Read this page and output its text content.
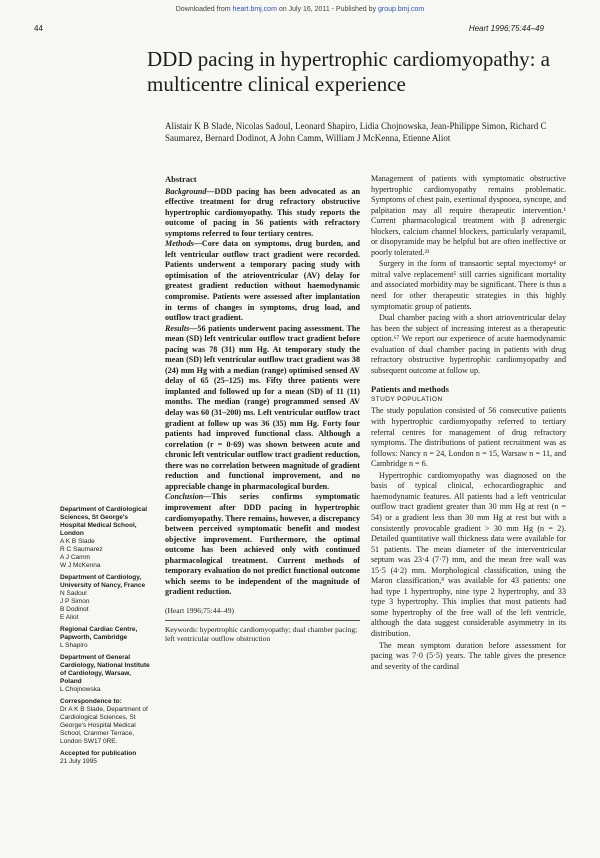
Downloaded from heart.bmj.com on July 16, 2011 - Published by group.bmj.com
44	Heart 1996;75:44–49
DDD pacing in hypertrophic cardiomyopathy: a multicentre clinical experience
Alistair K B Slade, Nicolas Sadoul, Leonard Shapiro, Lidia Chojnowska, Jean-Philippe Simon, Richard C Saumarez, Bernard Dodinot, A John Camm, William J McKenna, Etienne Aliot
Department of Cardiological Sciences, St George's Hospital Medical School, London
A K B Slade
R C Saumarez
A J Camm
W J McKenna
Department of Cardiology, University of Nancy, France
N Sadoul
J P Simon
B Dodinot
E Aliot
Regional Cardiac Centre, Papworth, Cambridge
L Shapiro
Department of General Cardiology, National Institute of Cardiology, Warsaw, Poland
L Chojnowska
Correspondence to:
Dr A K B Slade, Department of Cardiological Sciences, St George's Hospital Medical School, Cranmer Terrace, London SW17 0RE.
Accepted for publication
21 July 1995
Abstract

Background—DDD pacing has been advocated as an effective treatment for drug refractory obstructive hypertrophic cardiomyopathy. This study reports the outcome of pacing in 56 patients with refractory symptoms referred to four tertiary centres.

Methods—Core data on symptoms, drug burden, and left ventricular outflow tract gradient were recorded. Patients underwent a temporary pacing study with optimisation of the atrioventricular (AV) delay for greatest gradient reduction without haemodynamic compromise. Patients were assessed after implantation in terms of changes in symptoms, drug load, and outflow tract gradient.

Results—56 patients underwent pacing assessment. The mean (SD) left ventricular outflow tract gradient before pacing was 78 (31) mm Hg. At temporary study the mean (SD) left ventricular outflow tract gradient was 38 (24) mm Hg with a median (range) optimised sensed AV delay of 65 (25–125) ms. Fifty three patients were implanted and followed up for a mean (SD) of 11 (11) months. The median (range) programmed sensed AV delay was 60 (31–200) ms. Left ventricular outflow tract gradient at follow up was 36 (35) mm Hg. Forty four patients had improved functional class. Although a correlation (r = 0·69) was shown between acute and chronic left ventricular outflow tract gradient reduction, there was no correlation between magnitude of gradient reduction and functional improvement, and no appreciable change in pharmacological burden.

Conclusion—This series confirms symptomatic improvement after DDD pacing in hypertrophic cardiomyopathy. There remains, however, a discrepancy between perceived symptomatic benefit and modest objective improvement. Furthermore, the optimal outcome has been achieved only with continued pharmacological treatment. Current methods of temporary evaluation do not predict functional outcome which seems to be independent of the magnitude of gradient reduction.

(Heart 1996;75:44–49)
Keywords: hypertrophic cardiomyopathy; dual chamber pacing; left ventricular outflow obstruction

Management of patients with symptomatic obstructive hypertrophic cardiomyopathy remains problematic. Symptoms of chest pain, exertional dyspnoea, syncope, and palpitation may all require therapeutic intervention.¹ Current pharmacological treatment with β adrenergic blockers, calcium channel blockers, particularly verapamil, or disopyramide may be helpful but are often ineffective or poorly tolerated.²³

Surgery in the form of transaortic septal myectomy⁴ or mitral valve replacement⁵ still carries significant mortality and associated morbidity may be significant. There is thus a need for other therapeutic strategies in this highly symptomatic group of patients.

Dual chamber pacing with a short atrioventricular delay has been the subject of increasing interest as a therapeutic option.⁶⁷ We report our experience of acute haemodynamic evaluation of dual chamber pacing in patients with drug refractory obstructive hypertrophic cardiomyopathy and subsequent outcome at follow up.

Patients and methods
STUDY POPULATION

The study population consisted of 56 consecutive patients with hypertrophic cardiomyopathy referred to tertiary referral centres for management of drug refractory symptoms. The distributions of patient recruitment was as follows: Nancy n = 24, London n = 15, Warsaw n = 11, and Cambridge n = 6.

Hypertrophic cardiomyopathy was diagnosed on the basis of typical clinical, echocardiographic and haemodynamic features. All patients had a left ventricular outflow tract gradient greater than 30 mm Hg at rest (n = 54) or a gradient less than 30 mm Hg at rest but with a consistently provocable gradient > 30 mm Hg (n = 2). Detailed quantitative wall thickness data were available for 51 patients. The mean diameter of the interventricular septum was 23·4 (7·7) mm, and the mean free wall was 15·5 (4·2) mm. Morphological classification, using the Maron classification,⁸ was available for 43 patients: one had type 1 hypertrophy, nine type 2 hypertrophy, and 33 type 3 hypertrophy. This implies that most patients had some hypertrophy of the free wall of the left ventricle, although the data suggest considerable asymmetry in its distribution.

The mean symptom duration before assessment for pacing was 7·0 (5·5) years. The table gives the presence and severity of the cardinal
